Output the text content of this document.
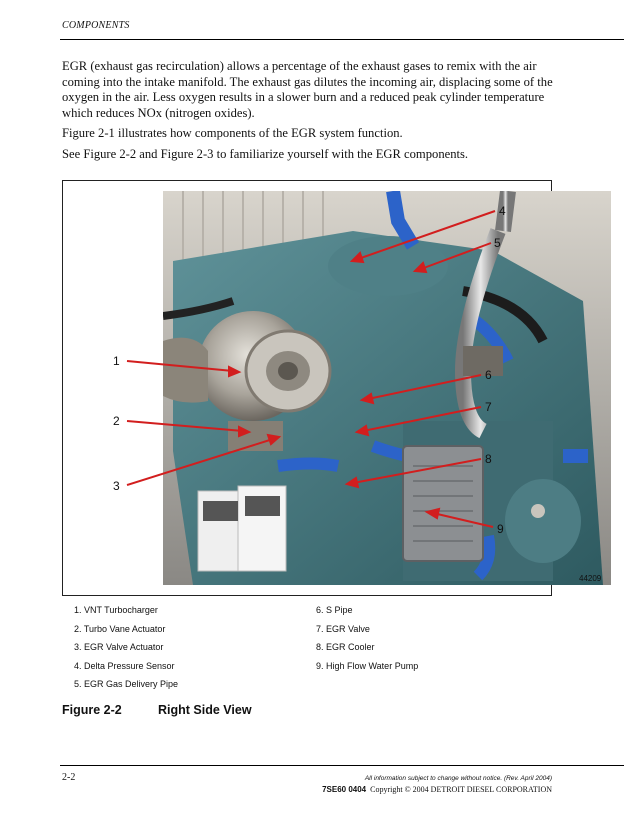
COMPONENTS
EGR (exhaust gas recirculation) allows a percentage of the exhaust gases to remix with the air coming into the intake manifold. The exhaust gas dilutes the incoming air, displacing some of the oxygen in the air. Less oxygen results in a slower burn and a reduced peak cylinder temperature which reduces NOx (nitrogen oxides).
Figure 2-1 illustrates how components of the EGR system function.
See Figure 2-2 and Figure 2-3 to familiarize yourself with the EGR components.
44209
1
2
3
4
5
6
7
8
9
1. VNT Turbocharger
2. Turbo Vane Actuator
3. EGR Valve Actuator
4. Delta Pressure Sensor
5. EGR Gas Delivery Pipe
6. S Pipe
7. EGR Valve
8. EGR Cooler
9. High Flow Water Pump
Figure 2-2	Right Side View
2-2	All information subject to change without notice. (Rev. April 2004)
7SE60 0404 Copyright © 2004 DETROIT DIESEL CORPORATION
